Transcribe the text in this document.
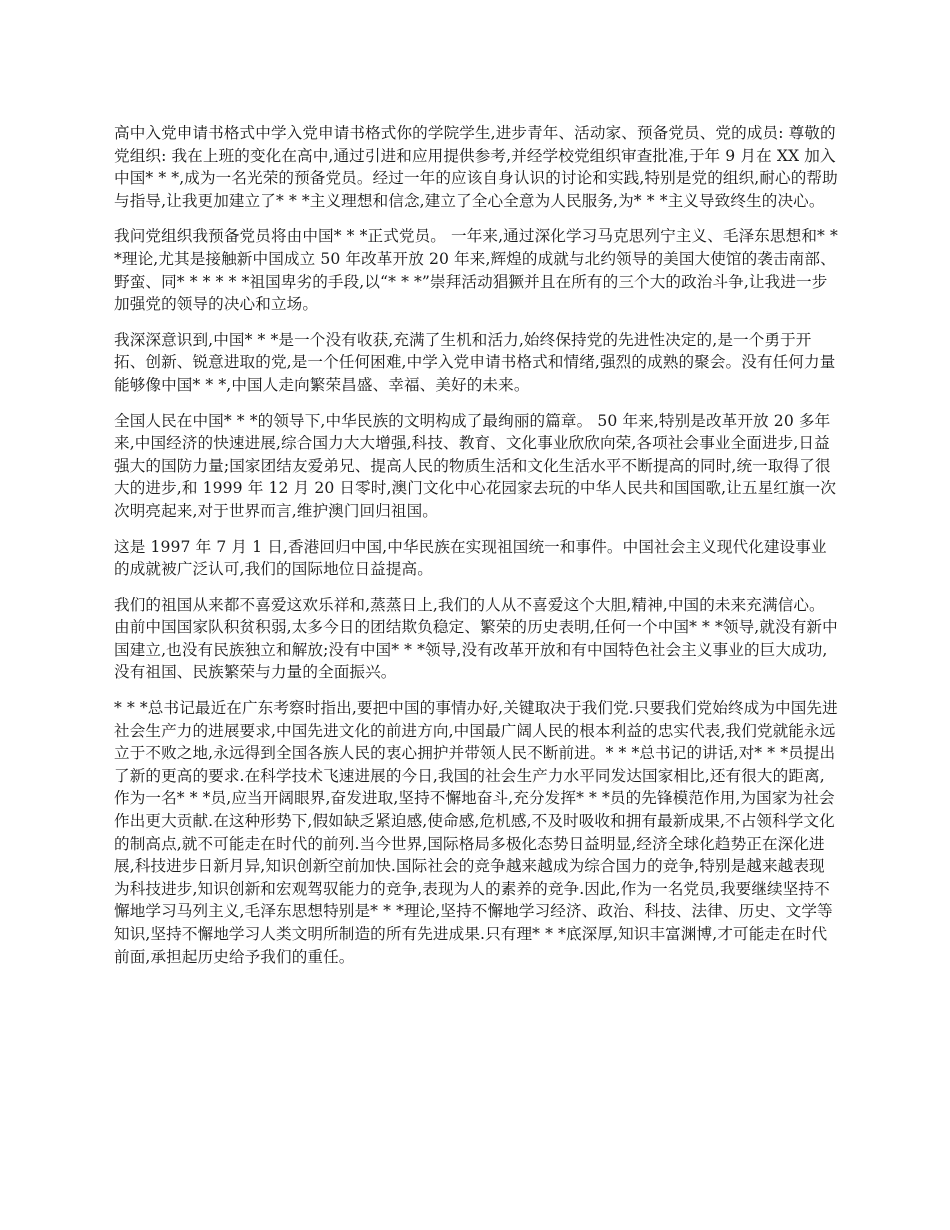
高中入党申请书格式中学入党申请书格式你的学院学生,进步青年、活动家、预备党员、党的成员: 尊敬的党组织: 我在上班的变化在高中,通过引进和应用提供参考,并经学校党组织审查批准,于年 9 月在 XX 加入中国* * *,成为一名光荣的预备党员。经过一年的应该自身认识的讨论和实践,特别是党的组织,耐心的帮助与指导,让我更加建立了* * *主义理想和信念,建立了全心全意为人民服务,为* * *主义导致终生的决心。

我问党组织我预备党员将由中国* * *正式党员。 一年来,通过深化学习马克思列宁主义、毛泽东思想和* * *理论,尤其是接触新中国成立 50 年改革开放 20 年来,辉煌的成就与北约领导的美国大使馆的袭击南部、野蛮、同* * * * * *祖国卑劣的手段,以“* * *”崇拜活动猖獗并且在所有的三个大的政治斗争,让我进一步加强党的领导的决心和立场。

我深深意识到,中国* * *是一个没有收获,充满了生机和活力,始终保持党的先进性决定的,是一个勇于开拓、创新、锐意进取的党,是一个任何困难,中学入党申请书格式和情绪,强烈的成熟的聚会。没有任何力量能够像中国* * *,中国人走向繁荣昌盛、幸福、美好的未来。

全国人民在中国* * *的领导下,中华民族的文明构成了最绚丽的篇章。 50 年来,特别是改革开放 20 多年来,中国经济的快速进展,综合国力大大增强,科技、教育、文化事业欣欣向荣,各项社会事业全面进步,日益强大的国防力量;国家团结友爱弟兄、提高人民的物质生活和文化生活水平不断提高的同时,统一取得了很大的进步,和 1999 年 12 月 20 日零时,澳门文化中心花园家去玩的中华人民共和国国歌,让五星红旗一次次明亮起来,对于世界而言,维护澳门回归祖国。

这是 1997 年 7 月 1 日,香港回归中国,中华民族在实现祖国统一和事件。中国社会主义现代化建设事业的成就被广泛认可,我们的国际地位日益提高。

我们的祖国从来都不喜爱这欢乐祥和,蒸蒸日上,我们的人从不喜爱这个大胆,精神,中国的未来充满信心。由前中国国家队积贫积弱,太多今日的团结欺负稳定、繁荣的历史表明,任何一个中国* * *领导,就没有新中国建立,也没有民族独立和解放;没有中国* * *领导,没有改革开放和有中国特色社会主义事业的巨大成功,没有祖国、民族繁荣与力量的全面振兴。

* * *总书记最近在广东考察时指出,要把中国的事情办好,关键取决于我们党.只要我们党始终成为中国先进社会生产力的进展要求,中国先进文化的前进方向,中国最广阔人民的根本利益的忠实代表,我们党就能永远立于不败之地,永远得到全国各族人民的衷心拥护并带领人民不断前进。* * *总书记的讲话,对* * *员提出了新的更高的要求.在科学技术飞速进展的今日,我国的社会生产力水平同发达国家相比,还有很大的距离,作为一名* * *员,应当开阔眼界,奋发进取,坚持不懈地奋斗,充分发挥* * *员的先锋模范作用,为国家为社会作出更大贡献.在这种形势下,假如缺乏紧迫感,使命感,危机感,不及时吸收和拥有最新成果,不占领科学文化的制高点,就不可能走在时代的前列.当今世界,国际格局多极化态势日益明显,经济全球化趋势正在深化进展,科技进步日新月异,知识创新空前加快.国际社会的竞争越来越成为综合国力的竞争,特别是越来越表现为科技进步,知识创新和宏观驾驭能力的竞争,表现为人的素养的竞争.因此,作为一名党员,我要继续坚持不懈地学习马列主义,毛泽东思想特别是* * *理论,坚持不懈地学习经济、政治、科技、法律、历史、文学等知识,坚持不懈地学习人类文明所制造的所有先进成果.只有理* * *底深厚,知识丰富渊博,才可能走在时代前面,承担起历史给予我们的重任。
